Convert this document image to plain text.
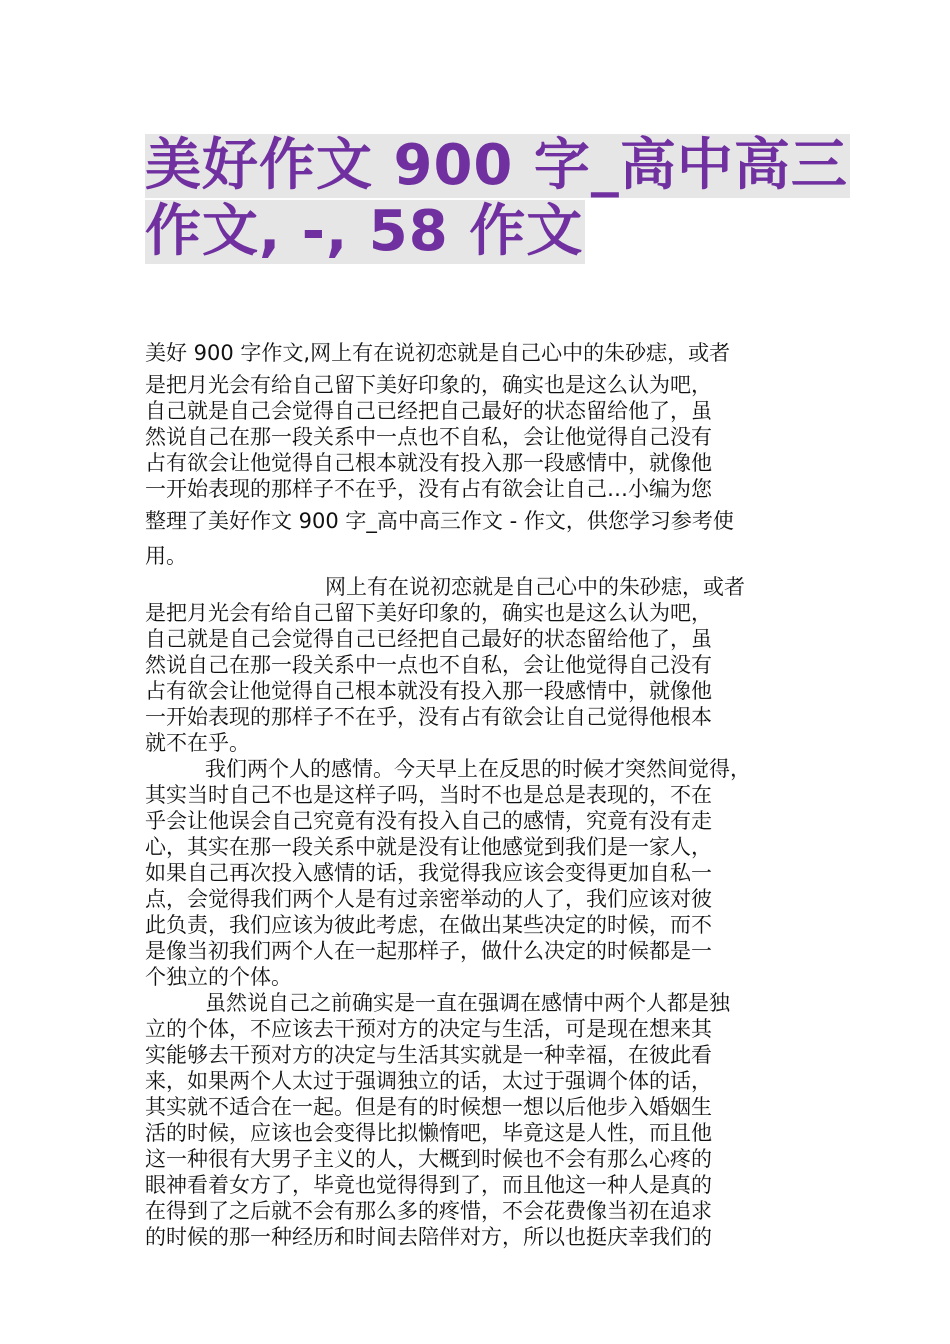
美好作文 900 字_高中高三
作文, -, 58 作文
美好 900 字作文,网上有在说初恋就是自己心中的朱砂痣，或者
是把月光会有给自己留下美好印象的，确实也是这么认为吧，
自己就是自己会觉得自己已经把自己最好的状态留给他了，虽
然说自己在那一段关系中一点也不自私，会让他觉得自己没有
占有欲会让他觉得自己根本就没有投入那一段感情中，就像他
一开始表现的那样子不在乎，没有占有欲会让自己…小编为您
整理了美好作文 900 字_高中高三作文 - 作文，供您学习参考使
用。
网上有在说初恋就是自己心中的朱砂痣，或者
是把月光会有给自己留下美好印象的，确实也是这么认为吧，
自己就是自己会觉得自己已经把自己最好的状态留给他了，虽
然说自己在那一段关系中一点也不自私，会让他觉得自己没有
占有欲会让他觉得自己根本就没有投入那一段感情中，就像他
一开始表现的那样子不在乎，没有占有欲会让自己觉得他根本
就不在乎。
我们两个人的感情。今天早上在反思的时候才突然间觉得，
其实当时自己不也是这样子吗，当时不也是总是表现的，不在
乎会让他误会自己究竟有没有投入自己的感情，究竟有没有走
心，其实在那一段关系中就是没有让他感觉到我们是一家人，
如果自己再次投入感情的话，我觉得我应该会变得更加自私一
点，会觉得我们两个人是有过亲密举动的人了，我们应该对彼
此负责，我们应该为彼此考虑，在做出某些决定的时候，而不
是像当初我们两个人在一起那样子，做什么决定的时候都是一
个独立的个体。
虽然说自己之前确实是一直在强调在感情中两个人都是独
立的个体，不应该去干预对方的决定与生活，可是现在想来其
实能够去干预对方的决定与生活其实就是一种幸福，在彼此看
来，如果两个人太过于强调独立的话，太过于强调个体的话，
其实就不适合在一起。但是有的时候想一想以后他步入婚姻生
活的时候，应该也会变得比拟懒惰吧，毕竟这是人性，而且他
这一种很有大男子主义的人，大概到时候也不会有那么心疼的
眼神看着女方了，毕竟也觉得得到了，而且他这一种人是真的
在得到了之后就不会有那么多的疼惜，不会花费像当初在追求
的时候的那一种经历和时间去陪伴对方，所以也挺庆幸我们的
